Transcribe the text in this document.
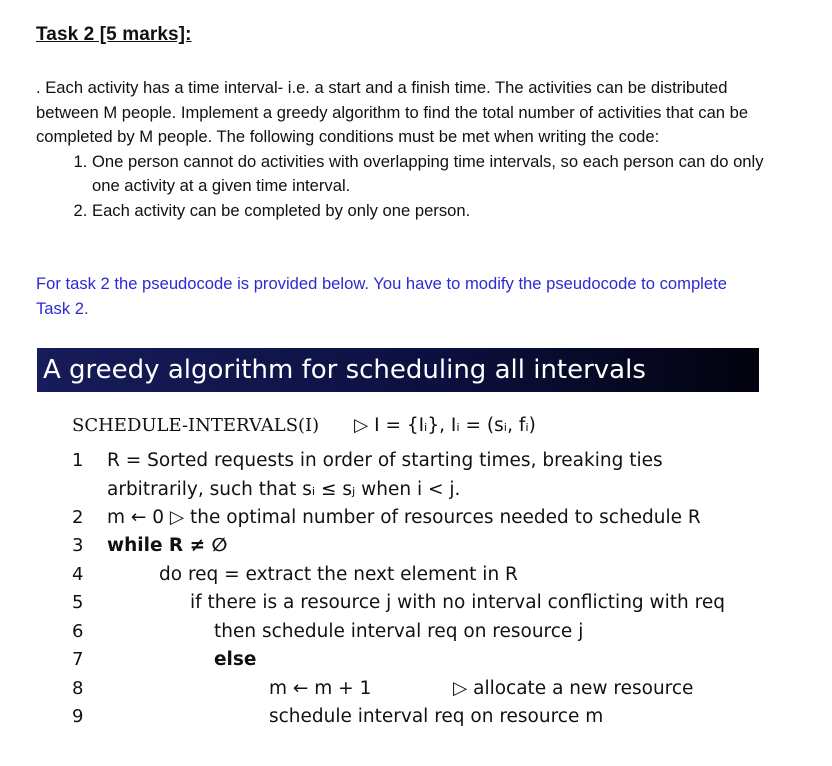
Task 2 [5 marks]:

. Each activity has a time interval- i.e. a start and a finish time. The activities can be distributed between M people. Implement a greedy algorithm to find the total number of activities that can be completed by M people. The following conditions must be met when writing the code:

1. One person cannot do activities with overlapping time intervals, so each person can do only one activity at a given time interval.
2. Each activity can be completed by only one person.
For task 2 the pseudocode is provided below. You have to modify the pseudocode to complete Task 2.
A greedy algorithm for scheduling all intervals
SCHEDULE-INTERVALS(I) ▷ I = {Iᵢ}, Iᵢ = (sᵢ, fᵢ)
1 R = Sorted requests in order of starting times, breaking ties
arbitrarily, such that sᵢ ≤ sⱼ when i < j.
2 m ← 0 ▷ the optimal number of resources needed to schedule R
3 while R ≠ ∅
4	do req = extract the next element in R
5	if there is a resource j with no interval conflicting with req
6	then schedule interval req on resource j
7	else
8	m ← m + 1	▷ allocate a new resource
9	schedule interval req on resource m
